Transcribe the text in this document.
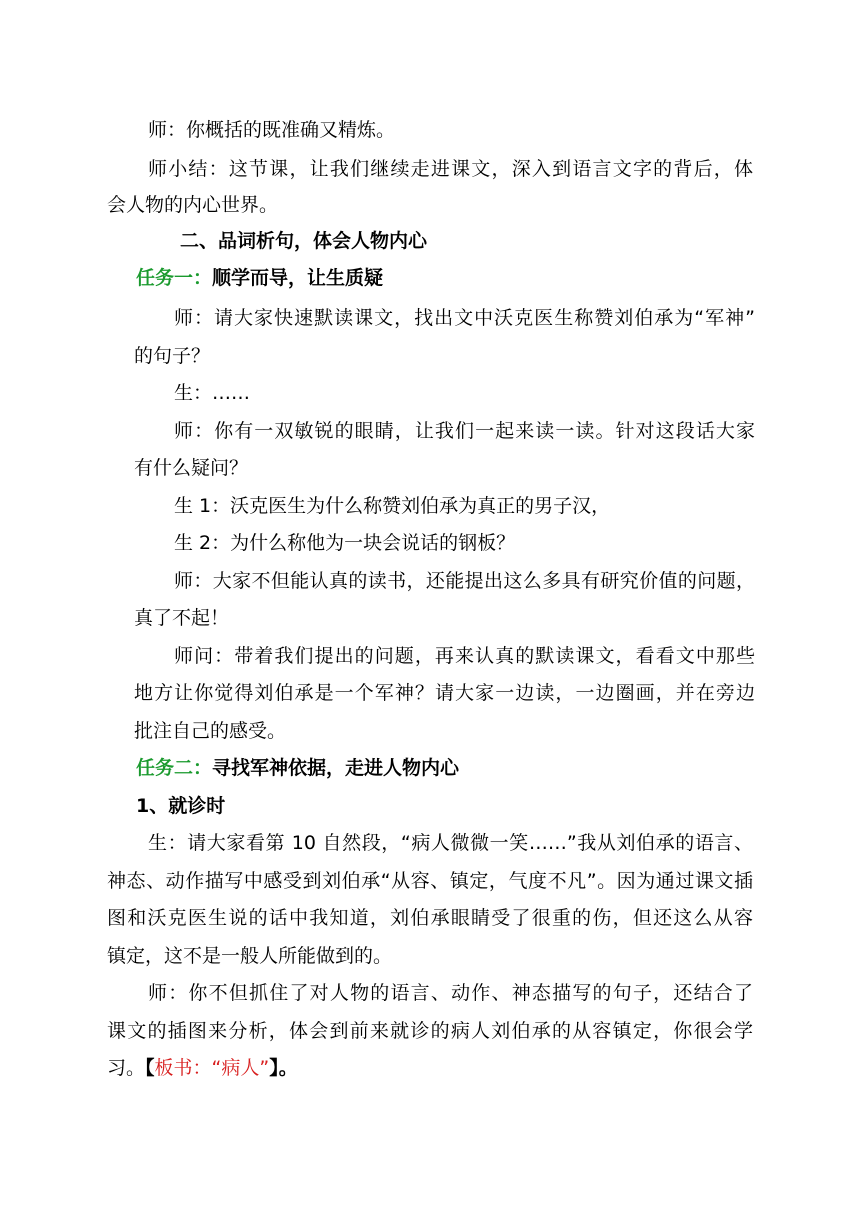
师：你概括的既准确又精炼。
师小结：这节课，让我们继续走进课文，深入到语言文字的背后，体
会人物的内心世界。
二、品词析句，体会人物内心
任务一：顺学而导，让生质疑
师：请大家快速默读课文，找出文中沃克医生称赞刘伯承为“军神”
的句子？
生：……
师：你有一双敏锐的眼睛，让我们一起来读一读。针对这段话大家
有什么疑问？
生 1：沃克医生为什么称赞刘伯承为真正的男子汉，
生 2：为什么称他为一块会说话的钢板？
师：大家不但能认真的读书，还能提出这么多具有研究价值的问题，
真了不起！
师问：带着我们提出的问题，再来认真的默读课文，看看文中那些
地方让你觉得刘伯承是一个军神？请大家一边读，一边圈画，并在旁边
批注自己的感受。
任务二：寻找军神依据，走进人物内心
1、就诊时
生：请大家看第 10 自然段，“病人微微一笑……”我从刘伯承的语言、
神态、动作描写中感受到刘伯承“从容、镇定，气度不凡”。因为通过课文插
图和沃克医生说的话中我知道，刘伯承眼睛受了很重的伤，但还这么从容
镇定，这不是一般人所能做到的。
师：你不但抓住了对人物的语言、动作、神态描写的句子，还结合了
课文的插图来分析，体会到前来就诊的病人刘伯承的从容镇定，你很会学
习。【板书：“病人”】。
